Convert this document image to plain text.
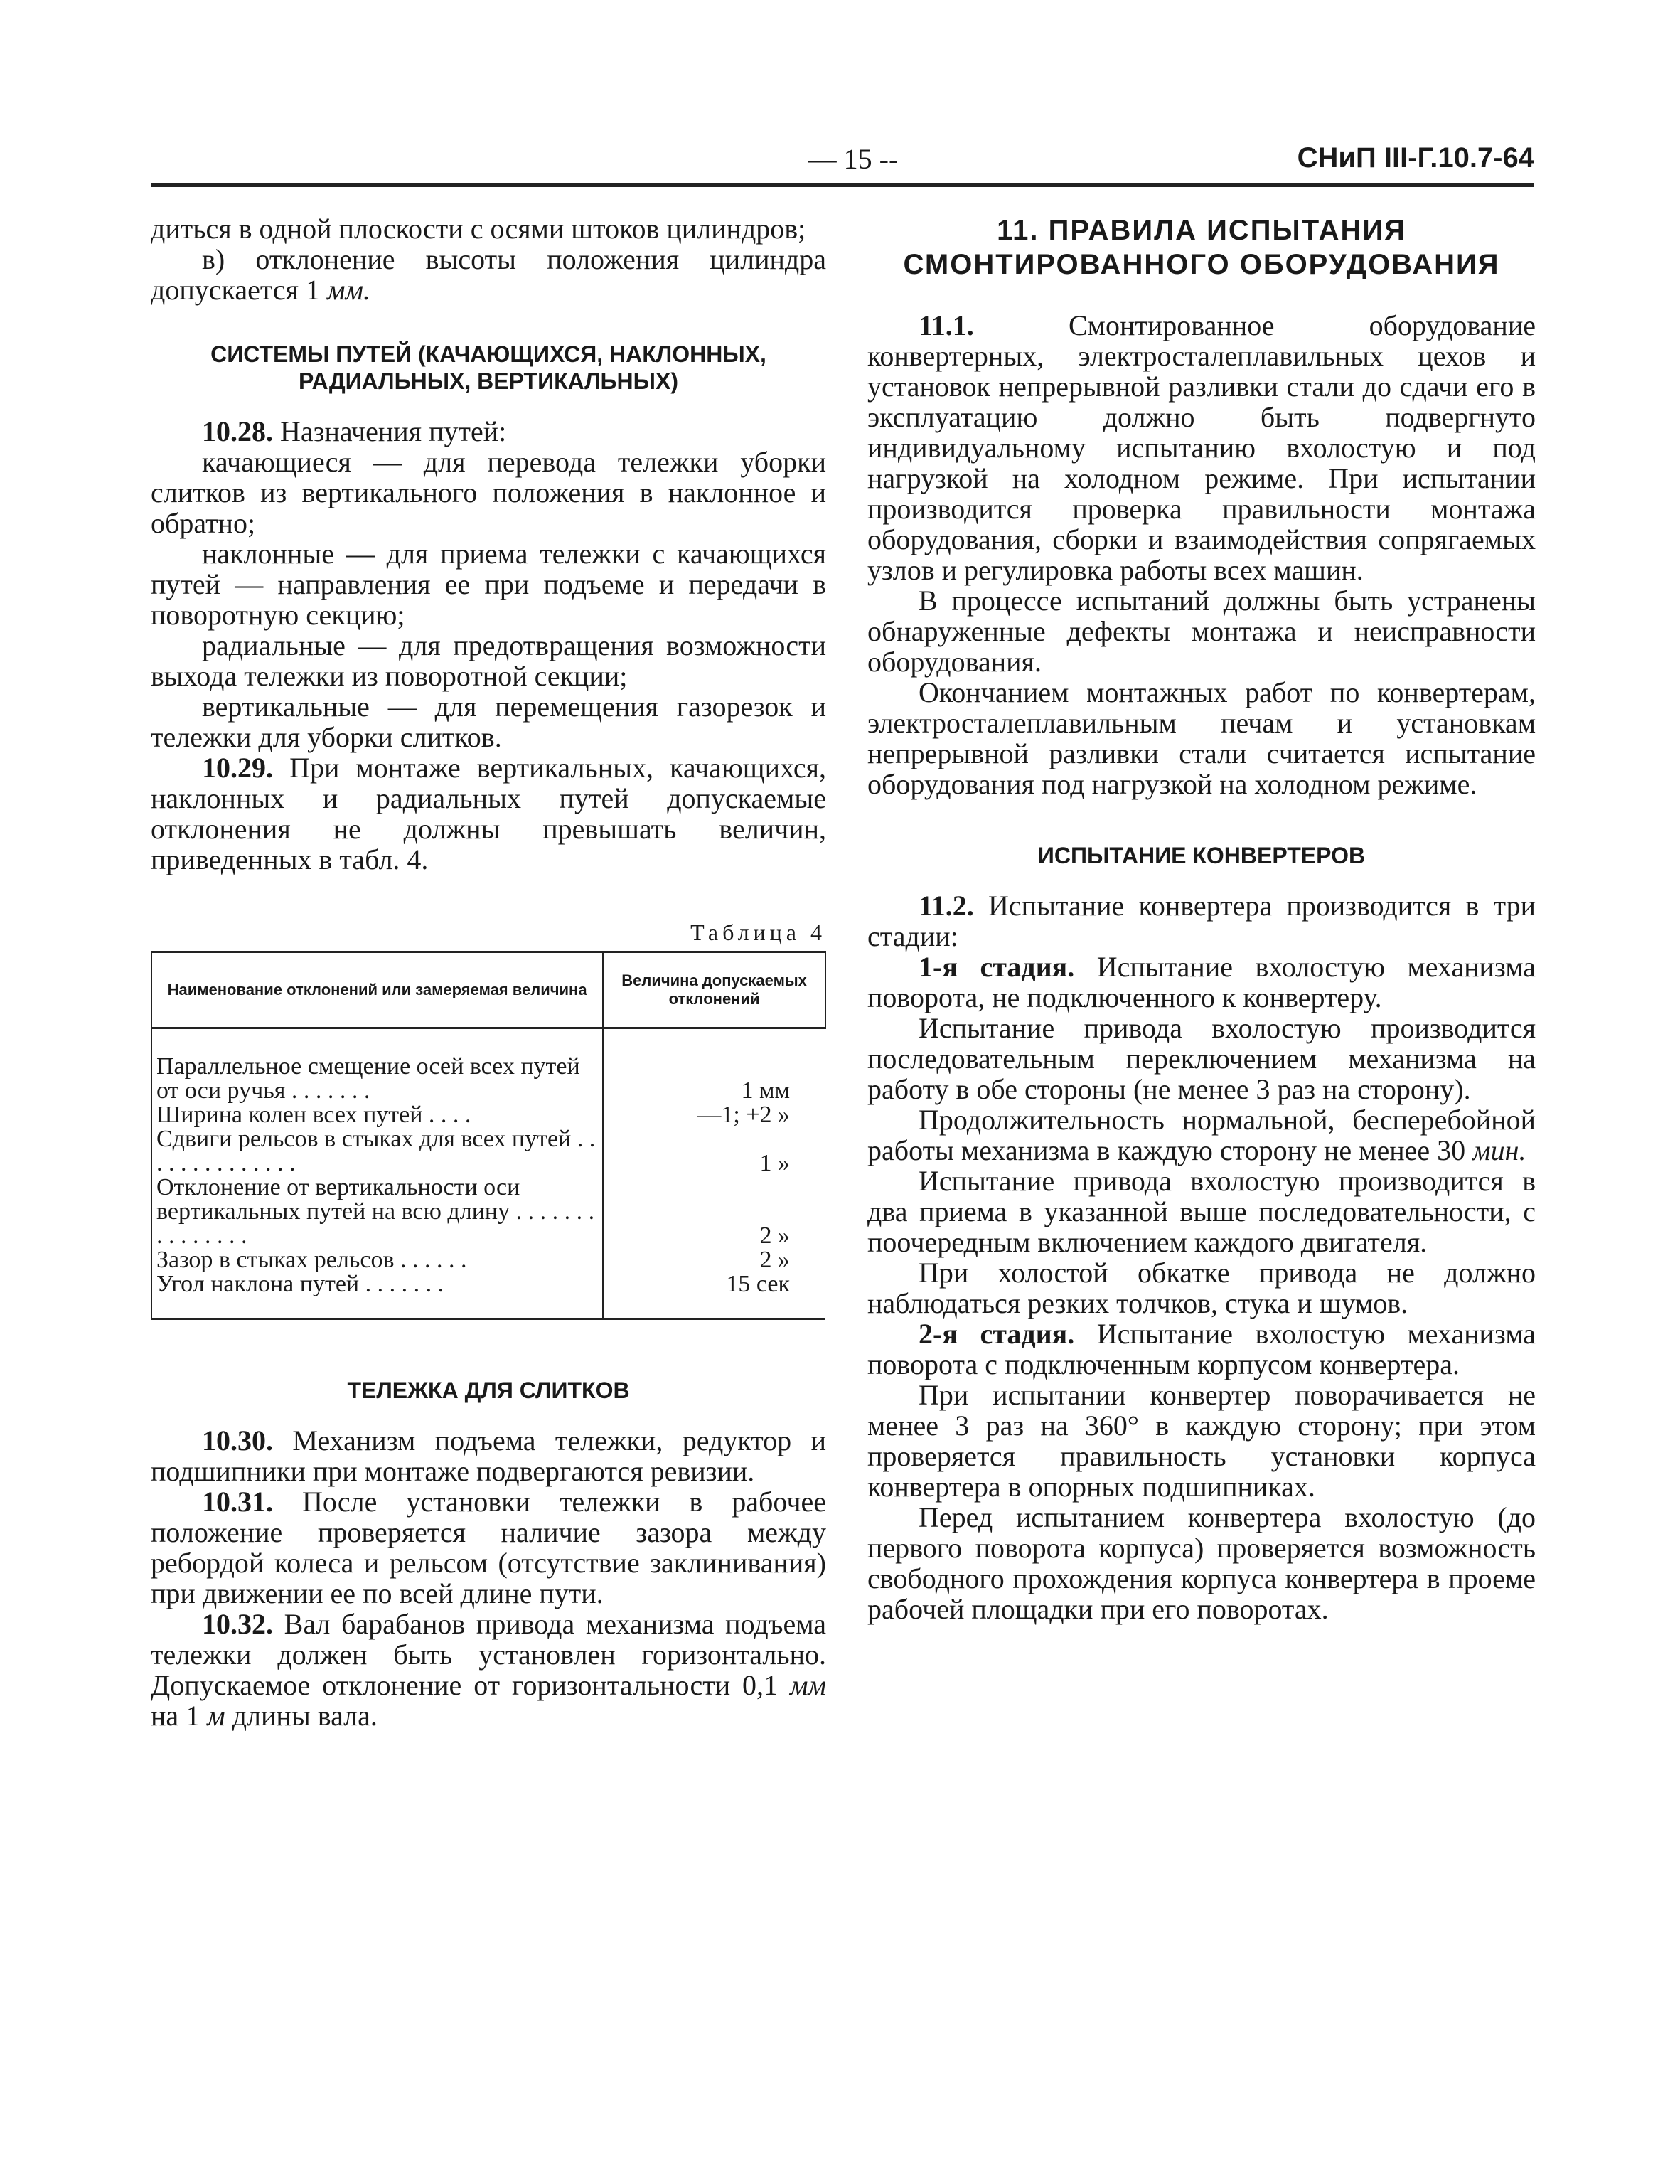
— 15 --	СНиП III-Г.10.7-64

диться в одной плоскости с осями штоков цилиндров;

в) отклонение высоты положения цилиндра допускается 1 мм.

СИСТЕМЫ ПУТЕЙ (КАЧАЮЩИХСЯ, НАКЛОННЫХ, РАДИАЛЬНЫХ, ВЕРТИКАЛЬНЫХ)

10.28. Назначения путей:

качающиеся — для перевода тележки уборки слитков из вертикального положения в наклонное и обратно;

наклонные — для приема тележки с качающихся путей — направления ее при подъеме и передачи в поворотную секцию;

радиальные — для предотвращения возможности выхода тележки из поворотной секции;

вертикальные — для перемещения газорезок и тележки для уборки слитков.

10.29. При монтаже вертикальных, качающихся, наклонных и радиальных путей допускаемые отклонения не должны превышать величин, приведенных в табл. 4.

Таблица 4
Наименование отклонений или замеряемая величина	Величина допускаемых отклонений
Параллельное смещение осей всех путей от оси ручья . . . . . . .	1 мм
Ширина колен всех путей . . . .	—1; +2 »
Сдвиги рельсов в стыках для всех путей . . . . . . . . . . . . . .	1 »
Отклонение от вертикальности оси вертикальных путей на всю длину . . . . . . . . . . . . . . .	2 »
Зазор в стыках рельсов . . . . . .	2 »
Угол наклона путей . . . . . . .	15 сек
ТЕЛЕЖКА ДЛЯ СЛИТКОВ

10.30. Механизм подъема тележки, редуктор и подшипники при монтаже подвергаются ревизии.

10.31. После установки тележки в рабочее положение проверяется наличие зазора между ребордой колеса и рельсом (отсутствие заклинивания) при движении ее по всей длине пути.

10.32. Вал барабанов привода механизма подъема тележки должен быть установлен горизонтально. Допускаемое отклонение от горизонтальности 0,1 мм на 1 м длины вала.

11. ПРАВИЛА ИСПЫТАНИЯ СМОНТИРОВАННОГО ОБОРУДОВАНИЯ

11.1. Смонтированное оборудование конвертерных, электросталеплавильных цехов и установок непрерывной разливки стали до сдачи его в эксплуатацию должно быть подвергнуто индивидуальному испытанию вхолостую и под нагрузкой на холодном режиме. При испытании производится проверка правильности монтажа оборудования, сборки и взаимодействия сопрягаемых узлов и регулировка работы всех машин.

В процессе испытаний должны быть устранены обнаруженные дефекты монтажа и неисправности оборудования.

Окончанием монтажных работ по конвертерам, электросталеплавильным печам и установкам непрерывной разливки стали считается испытание оборудования под нагрузкой на холодном режиме.

ИСПЫТАНИЕ КОНВЕРТЕРОВ

11.2. Испытание конвертера производится в три стадии:

1-я стадия. Испытание вхолостую механизма поворота, не подключенного к конвертеру.

Испытание привода вхолостую производится последовательным переключением механизма на работу в обе стороны (не менее 3 раз на сторону).

Продолжительность нормальной, бесперебойной работы механизма в каждую сторону не менее 30 мин.

Испытание привода вхолостую производится в два приема в указанной выше последовательности, с поочередным включением каждого двигателя.

При холостой обкатке привода не должно наблюдаться резких толчков, стука и шумов.

2-я стадия. Испытание вхолостую механизма поворота с подключенным корпусом конвертера.

При испытании конвертер поворачивается не менее 3 раз на 360° в каждую сторону; при этом проверяется правильность установки корпуса конвертера в опорных подшипниках.

Перед испытанием конвертера вхолостую (до первого поворота корпуса) проверяется возможность свободного прохождения корпуса конвертера в проеме рабочей площадки при его поворотах.
